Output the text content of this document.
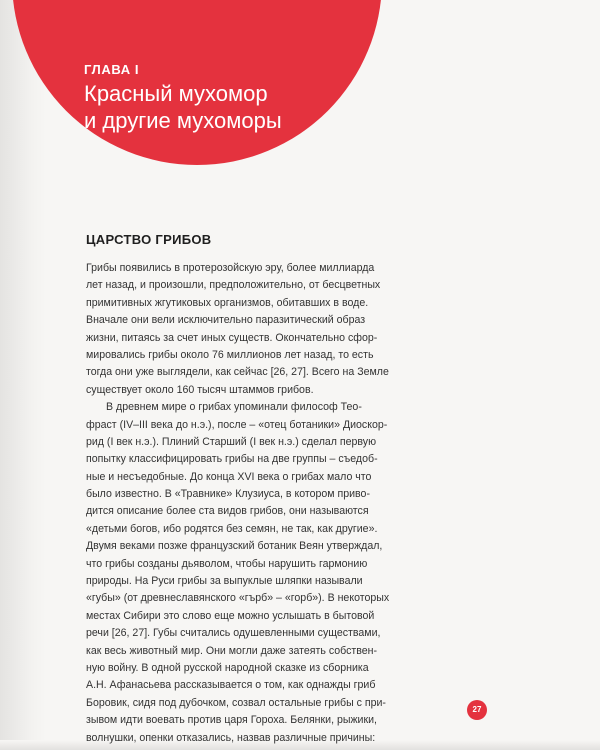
ГЛАВА I
Красный мухомор
и другие мухоморы
ЦАРСТВО ГРИБОВ
Грибы появились в протерозойскую эру, более миллиарда
лет назад, и произошли, предположительно, от бесцветных
примитивных жгутиковых организмов, обитавших в воде.
Вначале они вели исключительно паразитический образ
жизни, питаясь за счет иных существ. Окончательно сфор-
мировались грибы около 76 миллионов лет назад, то есть
тогда они уже выглядели, как сейчас [26, 27]. Всего на Земле
существует около 160 тысяч штаммов грибов.
В древнем мире о грибах упоминали философ Тео-
фраст (IV–III века до н.э.), после – «отец ботаники» Диоскор-
рид (I век н.э.). Плиний Старший (I век н.э.) сделал первую
попытку классифицировать грибы на две группы – съедоб-
ные и несъедобные. До конца XVI века о грибах мало что
было известно. В «Травнике» Клузиуса, в котором приво-
дится описание более ста видов грибов, они называются
«детьми богов, ибо родятся без семян, не так, как другие».
Двумя веками позже французский ботаник Веян утверждал,
что грибы созданы дьяволом, чтобы нарушить гармонию
природы. На Руси грибы за выпуклые шляпки называли
«губы» (от древнеславянского «гърб» – «горб»). В некоторых
местах Сибири это слово еще можно услышать в бытовой
речи [26, 27]. Губы считались одушевленными существами,
как весь животный мир. Они могли даже затеять собствен-
ную войну. В одной русской народной сказке из сборника
А.Н. Афанасьева рассказывается о том, как однажды гриб
Боровик, сидя под дубочком, созвал остальные грибы с при-
зывом идти воевать против царя Гороха. Белянки, рыжики,
волнушки, опенки отказались, назвав различные причины:
27
